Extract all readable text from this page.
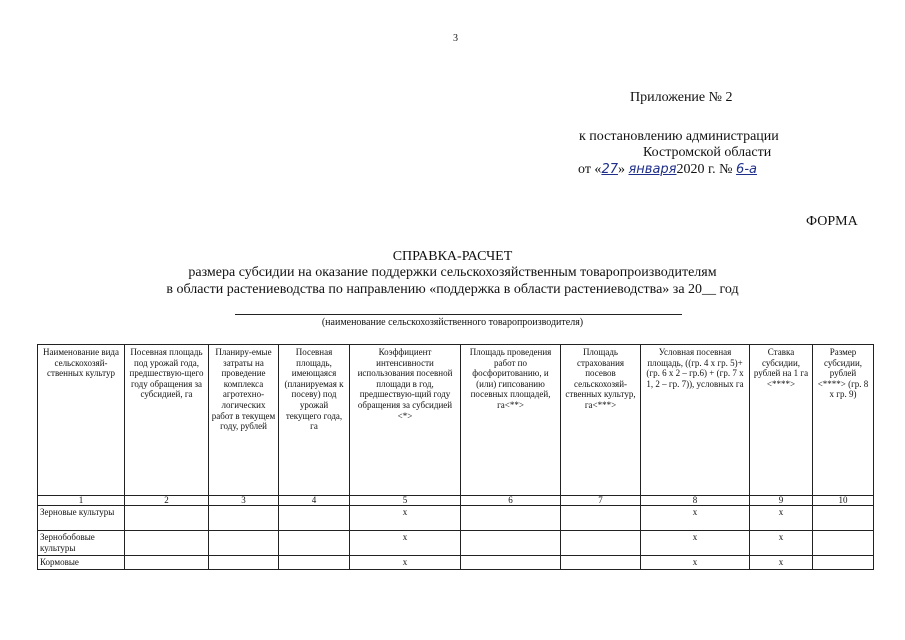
3
Приложение № 2
к постановлению администрации
Костромской области
от «27» января2020 г. № 6-а
ФОРМА
СПРАВКА-РАСЧЕТ
размера субсидии на оказание поддержки сельскохозяйственным товаропроизводителям
в области растениеводства по направлению «поддержка в области растениеводства» за 20__ год
(наименование сельскохозяйственного товаропроизводителя)
Наименование вида сельскохозяй-ственных культур	Посевная площадь под урожай года, предшествую-щего году обращения за субсидией, га	Планиру-емые затраты на проведение комплекса агротехно-логических работ в текущем году, рублей	Посевная площадь, имеющаяся (планируемая к посеву) под урожай текущего года, га	Коэффициент интенсивности использования посевной площади в год, предшествую-щий году обращения за субсидией <*>	Площадь проведения работ по фосфоритованию, и (или) гипсованию посевных площадей, га<**>	Площадь страхования посевов сельскохозяй-ственных культур, га<***>	Условная посевная площадь, ((гр. 4 x гр. 5)+(гр. 6 x 2 – гр.6) + (гр. 7 x 1, 2 – гр. 7)), условных га	Ставка субсидии, рублей на 1 га <****>	Размер субсидии, рублей <****> (гр. 8 x гр. 9)
1	2	3	4	5	6	7	8	9	10
Зерновые культуры				x			x	x	
Зернобобовые культуры				x			x	x	
Кормовые				x			x	x	
